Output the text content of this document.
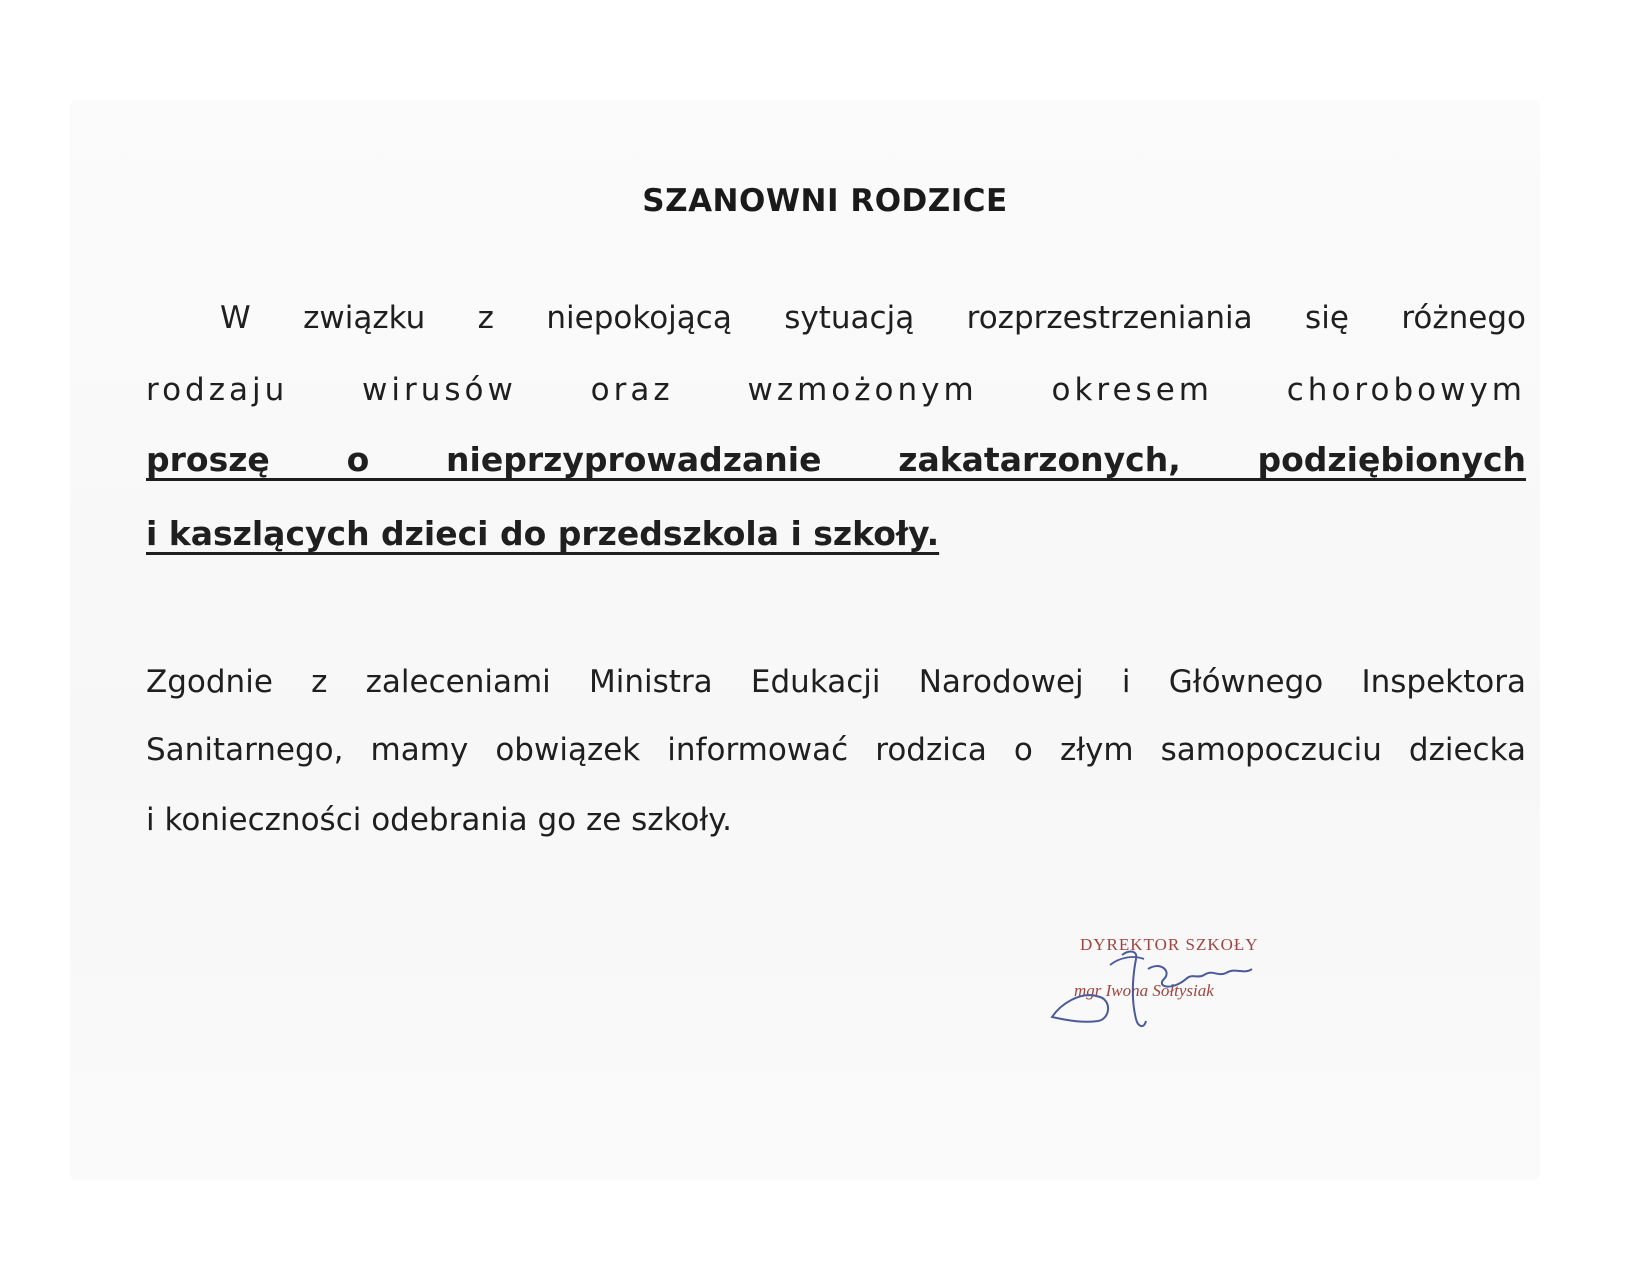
SZANOWNI RODZICE
W związku z niepokojącą sytuacją rozprzestrzeniania się różnego
rodzaju wirusów oraz wzmożonym okresem chorobowym
proszę o nieprzyprowadzanie zakatarzonych, podziębionych
i kaszlących dzieci do przedszkola i szkoły.
Zgodnie z zaleceniami Ministra Edukacji Narodowej i Głównego Inspektora
Sanitarnego, mamy obwiązek informować rodzica o złym samopoczuciu dziecka
i konieczności odebrania go ze szkoły.
DYREKTOR SZKOŁY
mgr Iwona Sołtysiak
